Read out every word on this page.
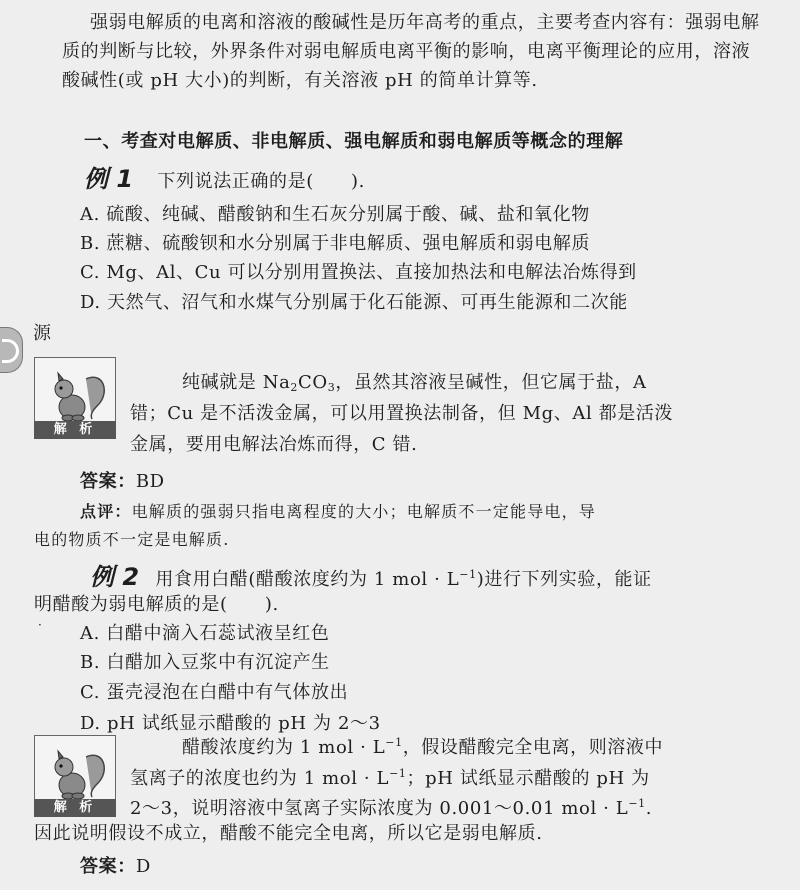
强弱电解质的电离和溶液的酸碱性是历年高考的重点，主要考查内容有：强弱电解质的判断与比较，外界条件对弱电解质电离平衡的影响，电离平衡理论的应用，溶液酸碱性(或 pH 大小)的判断，有关溶液 pH 的简单计算等.
一、考查对电解质、非电解质、强电解质和弱电解质等概念的理解
例 1 下列说法正确的是(　　).
A. 硫酸、纯碱、醋酸钠和生石灰分别属于酸、碱、盐和氧化物
B. 蔗糖、硫酸钡和水分别属于非电解质、强电解质和弱电解质
C. Mg、Al、Cu 可以分别用置换法、直接加热法和电解法冶炼得到
D. 天然气、沼气和水煤气分别属于化石能源、可再生能源和二次能
源
解 析
纯碱就是 $Na_2CO_3$，虽然其溶液呈碱性，但它属于盐，A
错；Cu 是不活泼金属，可以用置换法制备，但 Mg、Al 都是活泼
金属，要用电解法冶炼而得，C 错.
答案：BD
点评：电解质的强弱只指电离程度的大小；电解质不一定能导电，导
电的物质不一定是电解质.
例 2 用食用白醋(醋酸浓度约为 1 mol · $L^{-1}$)进行下列实验，能证
明醋酸为弱电解质的是(　　).
· A. 白醋中滴入石蕊试液呈红色
B. 白醋加入豆浆中有沉淀产生
C. 蛋壳浸泡在白醋中有气体放出
D. pH 试纸显示醋酸的 pH 为 2～3
解 析
醋酸浓度约为 1 mol · $L^{-1}$，假设醋酸完全电离，则溶液中
氢离子的浓度也约为 1 mol · $L^{-1}$；pH 试纸显示醋酸的 pH 为
2～3，说明溶液中氢离子实际浓度为 0.001～0.01 mol · $L^{-1}$.
因此说明假设不成立，醋酸不能完全电离，所以它是弱电解质.
答案：D
